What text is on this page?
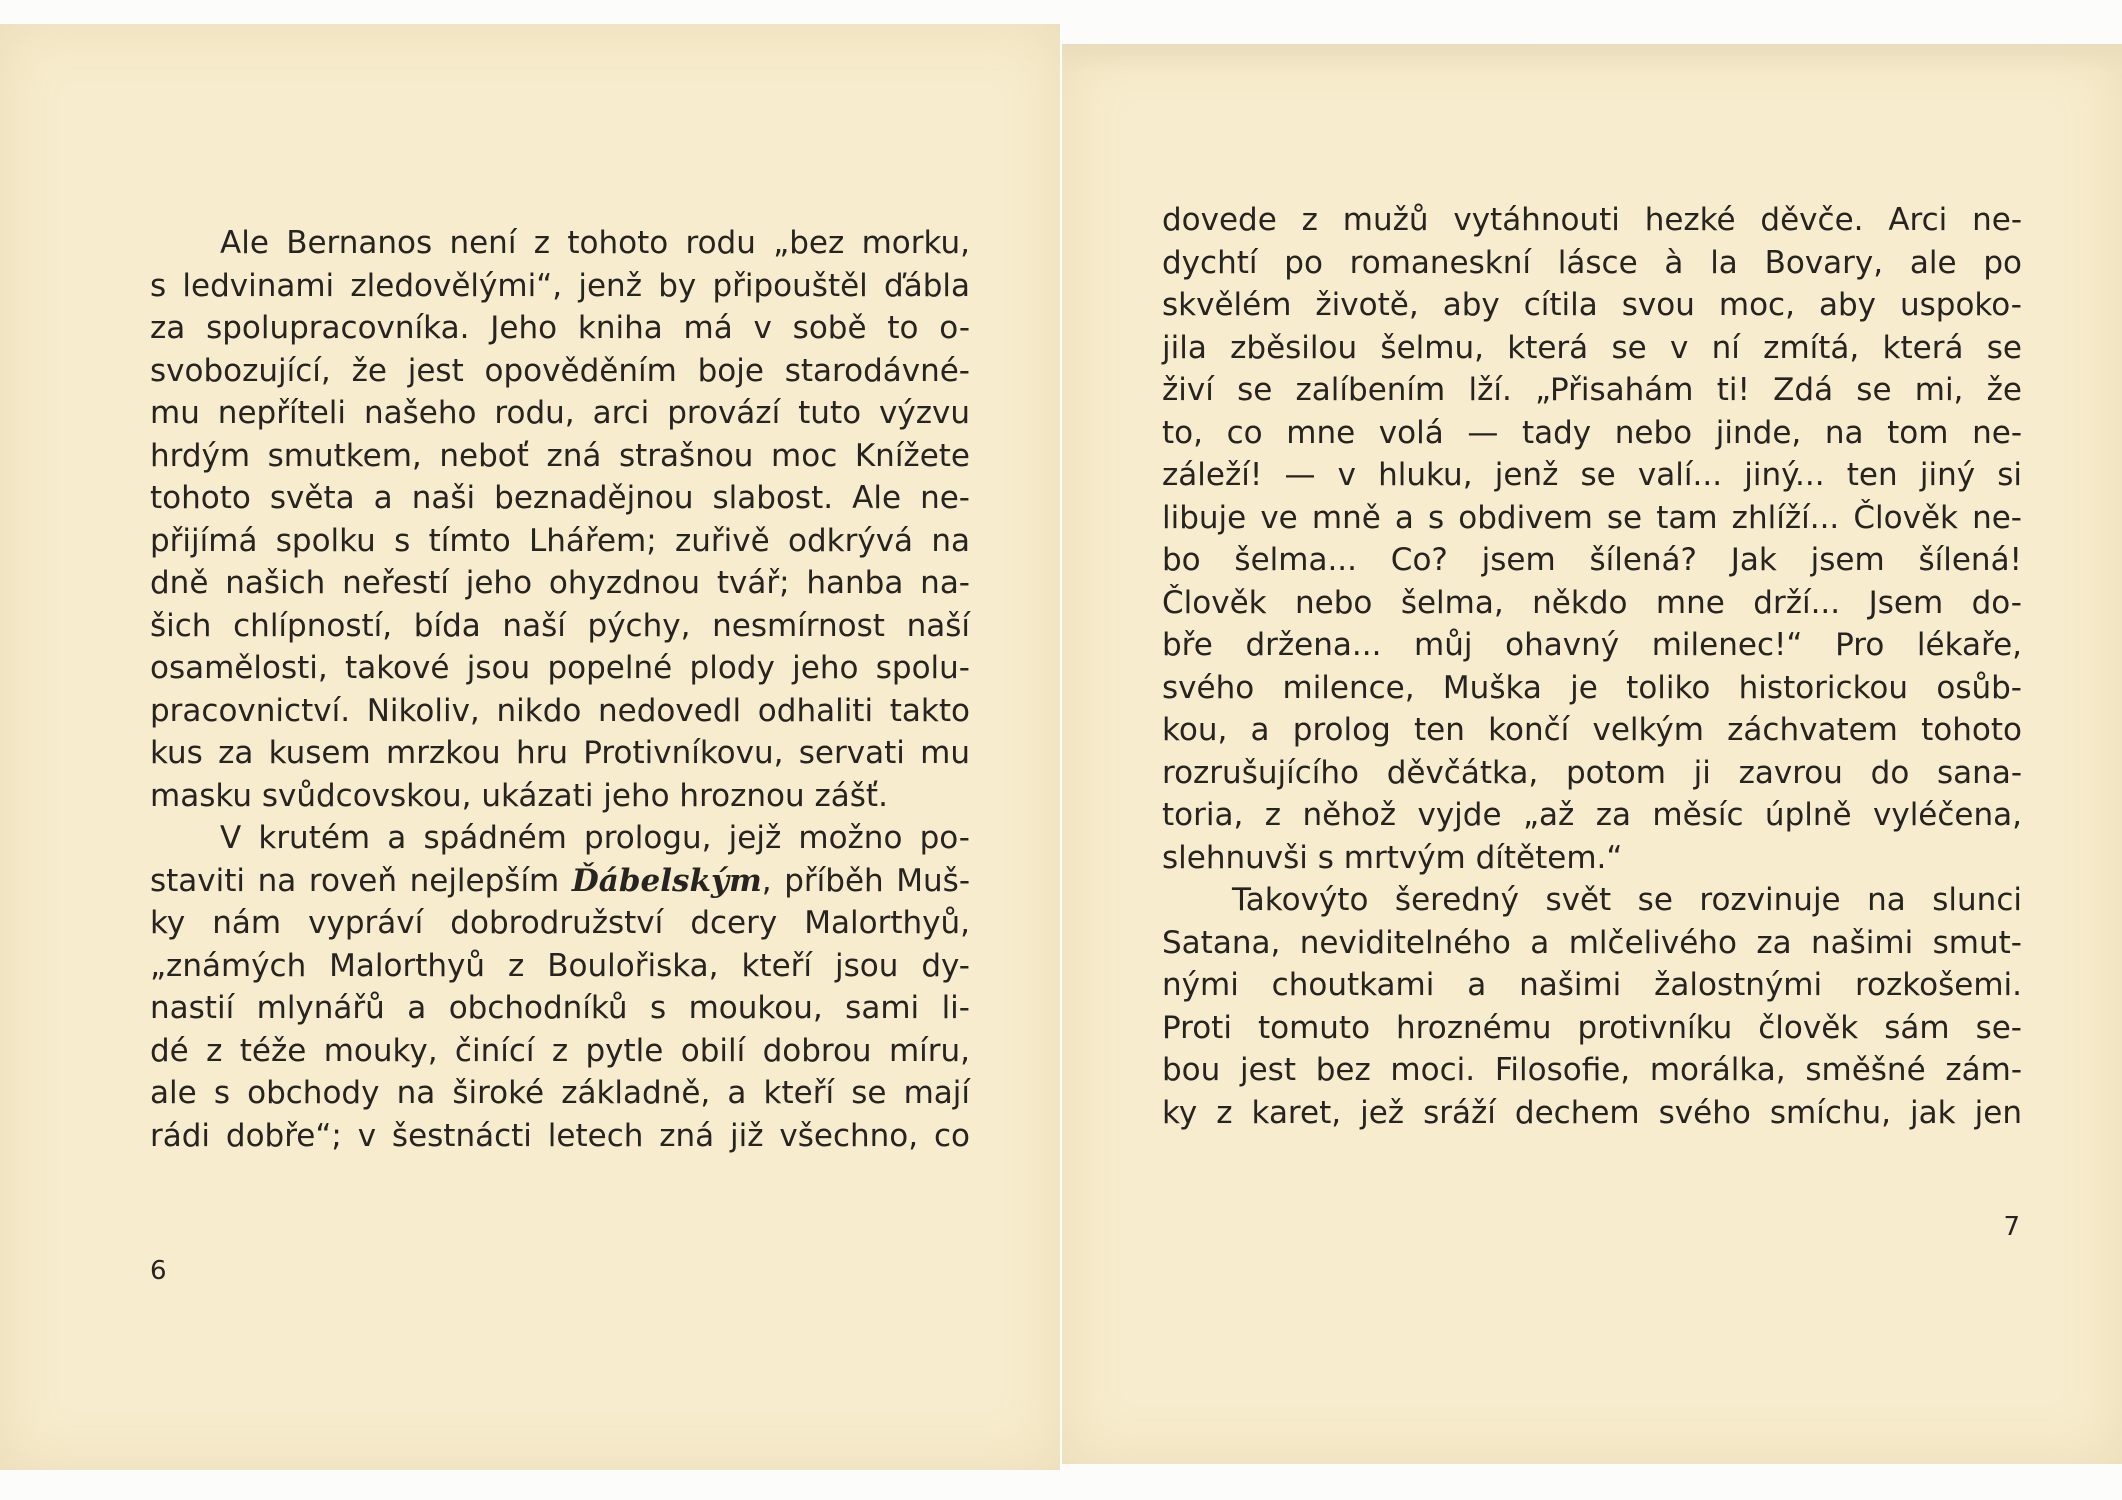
Ale Bernanos není z tohoto rodu „bez morku,
s ledvinami zledovělými“, jenž by připouštěl ďábla
za spolupracovníka. Jeho kniha má v sobě to o-
svobozující, že jest opověděním boje starodávné-
mu nepříteli našeho rodu, arci provází tuto výzvu
hrdým smutkem, neboť zná strašnou moc Knížete
tohoto světa a naši beznadějnou slabost. Ale ne-
přijímá spolku s tímto Lhářem; zuřivě odkrývá na
dně našich neřestí jeho ohyzdnou tvář; hanba na-
šich chlípností, bída naší pýchy, nesmírnost naší
osamělosti, takové jsou popelné plody jeho spolu-
pracovnictví. Nikoliv, nikdo nedovedl odhaliti takto
kus za kusem mrzkou hru Protivníkovu, servati mu
masku svůdcovskou, ukázati jeho hroznou zášť.
V krutém a spádném prologu, jejž možno po-
staviti na roveň nejlepším Ďábelským, příběh Muš-
ky nám vypráví dobrodružství dcery Malorthyů,
„známých Malorthyů z Boulořiska, kteří jsou dy-
nastií mlynářů a obchodníků s moukou, sami li-
dé z téže mouky, činící z pytle obilí dobrou míru,
ale s obchody na široké základně, a kteří se mají
rádi dobře“; v šestnácti letech zná již všechno, co
6
dovede z mužů vytáhnouti hezké děvče. Arci ne-
dychtí po romaneskní lásce à la Bovary, ale po
skvělém životě, aby cítila svou moc, aby uspoko-
jila zběsilou šelmu, která se v ní zmítá, která se
živí se zalíbením lží. „Přisahám ti! Zdá se mi, že
to, co mne volá — tady nebo jinde, na tom ne-
záleží! — v hluku, jenž se valí... jiný... ten jiný si
libuje ve mně a s obdivem se tam zhlíží... Člověk ne-
bo šelma... Co? jsem šílená? Jak jsem šílená!
Člověk nebo šelma, někdo mne drží... Jsem do-
bře držena... můj ohavný milenec!“ Pro lékaře,
svého milence, Muška je toliko historickou osůb-
kou, a prolog ten končí velkým záchvatem tohoto
rozrušujícího děvčátka, potom ji zavrou do sana-
toria, z něhož vyjde „až za měsíc úplně vyléčena,
slehnuvši s mrtvým dítětem.“
Takovýto šeredný svět se rozvinuje na slunci
Satana, neviditelného a mlčelivého za našimi smut-
nými choutkami a našimi žalostnými rozkošemi.
Proti tomuto hroznému protivníku člověk sám se-
bou jest bez moci. Filosofie, morálka, směšné zám-
ky z karet, jež sráží dechem svého smíchu, jak jen
7
